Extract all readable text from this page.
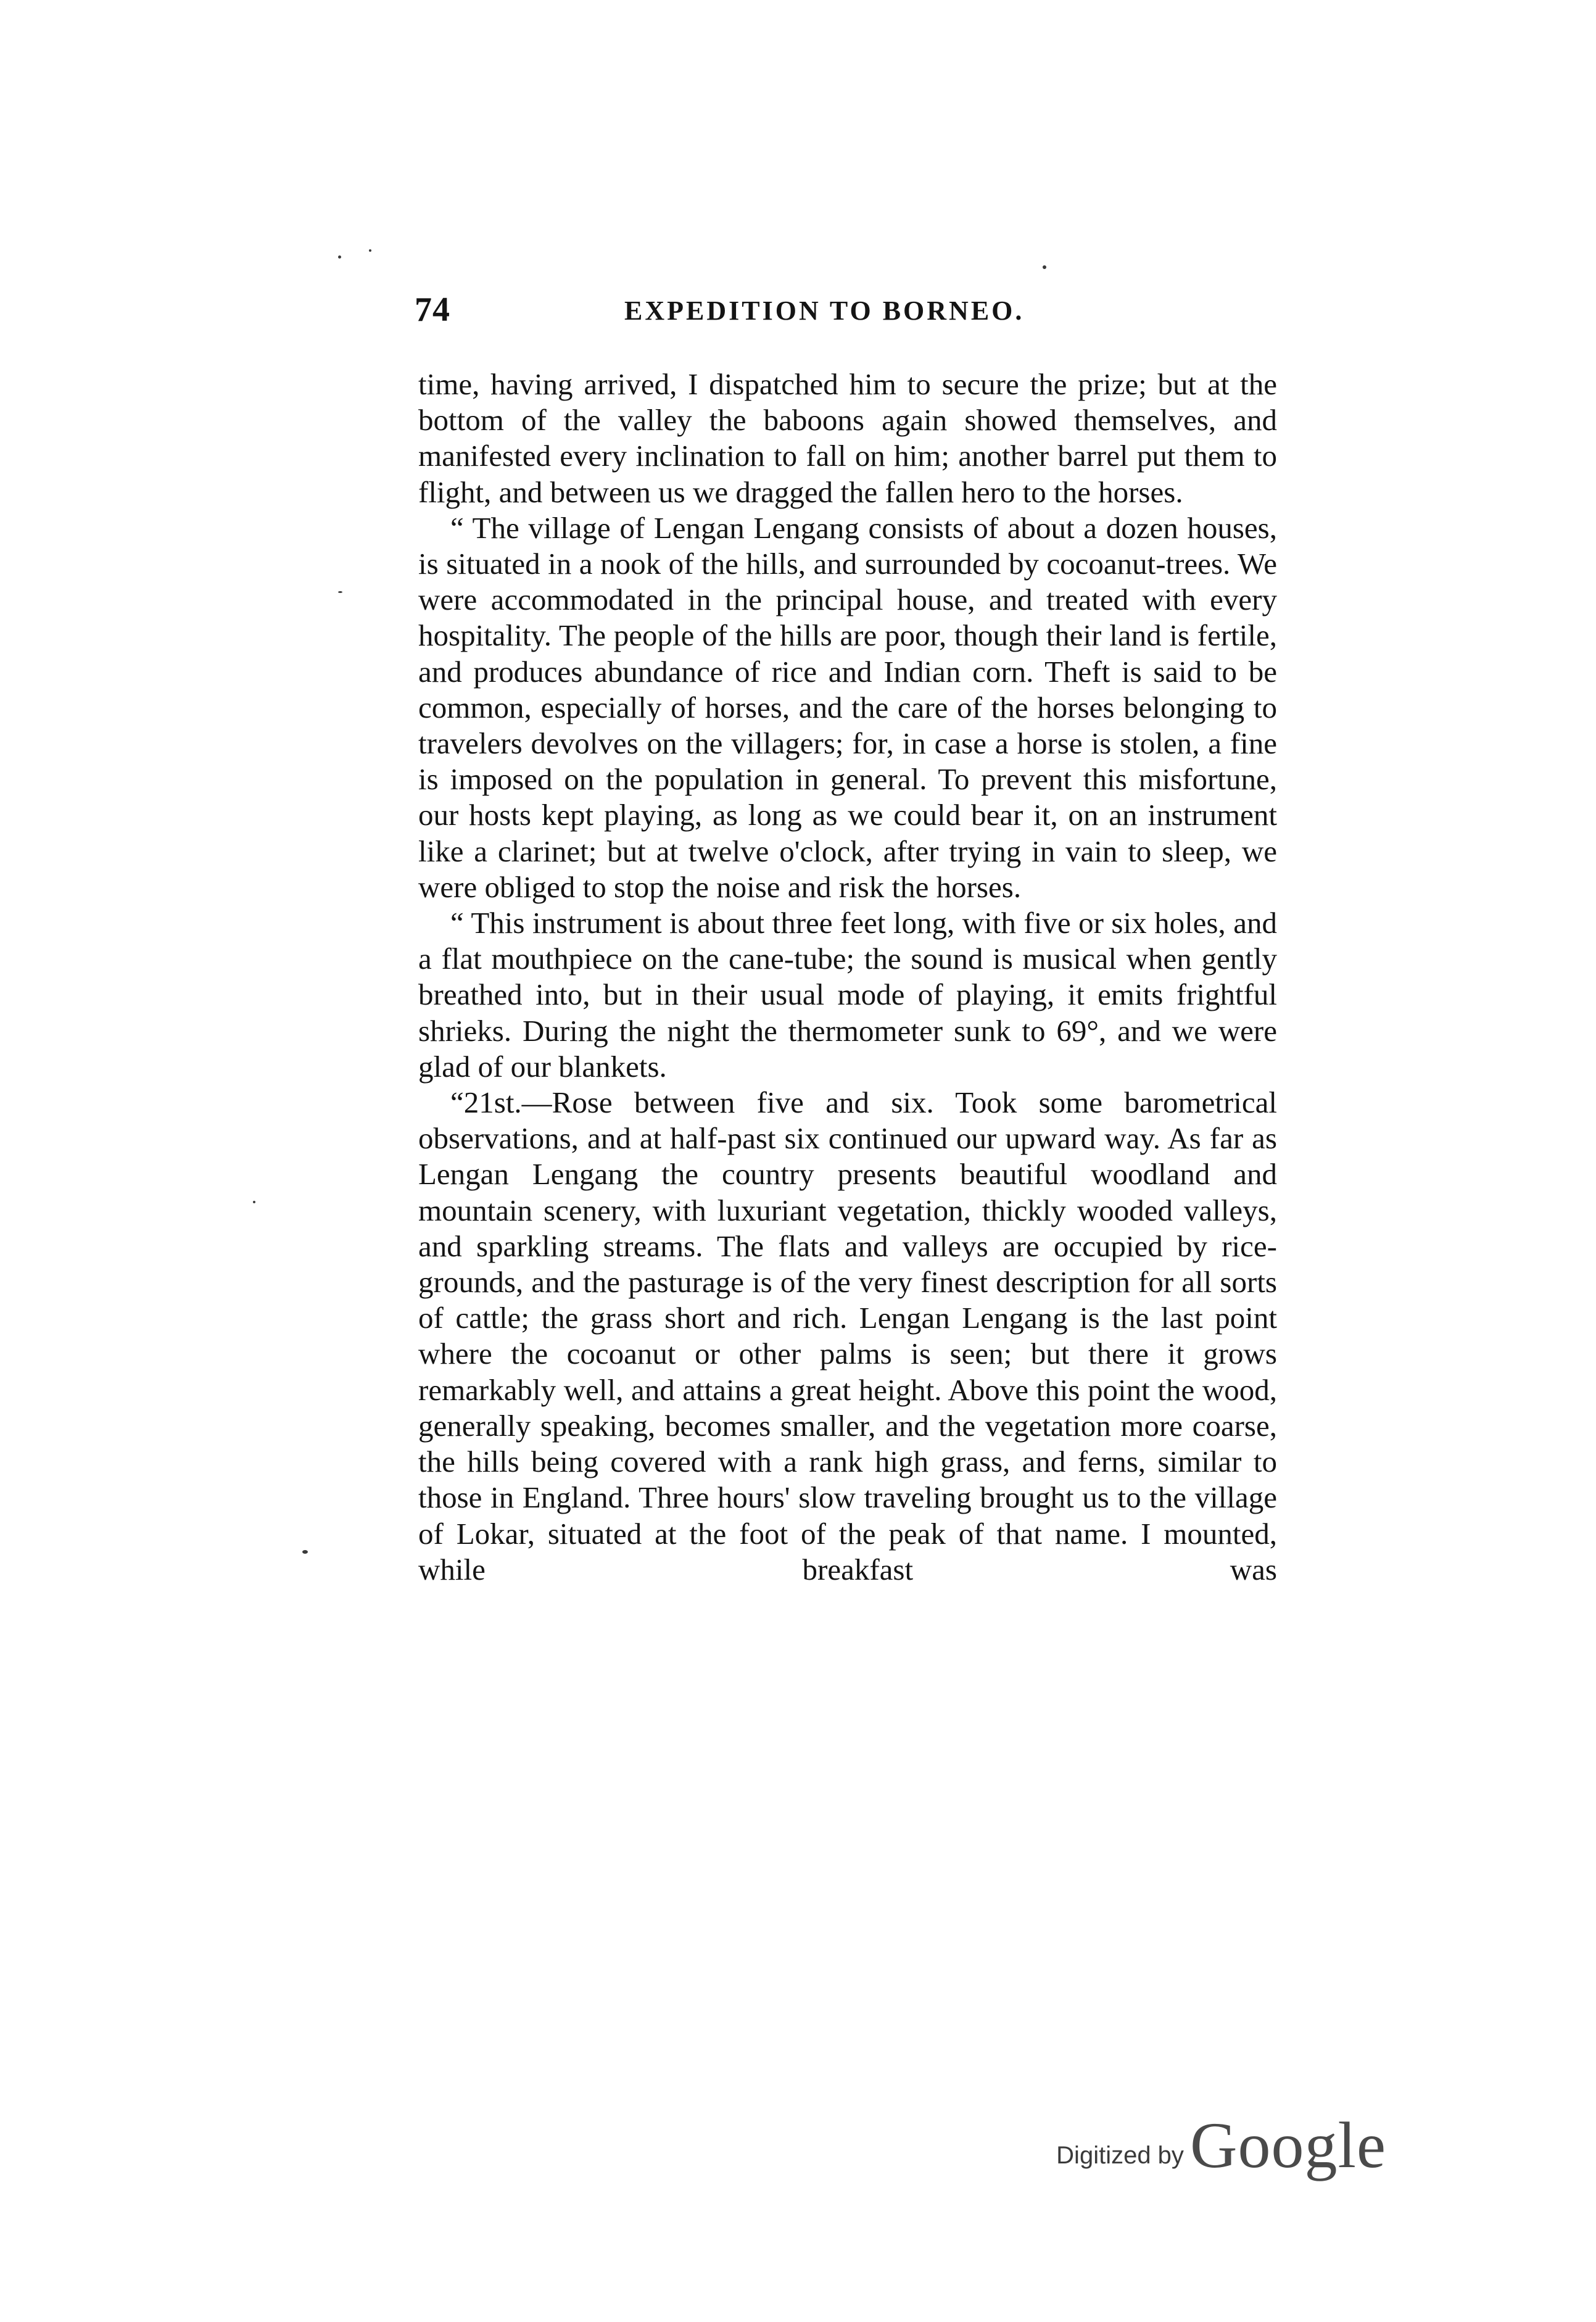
74	EXPEDITION TO BORNEO.

time, having arrived, I dispatched him to secure the prize; but at the bottom of the valley the baboons again showed themselves, and manifested every inclination to fall on him; another barrel put them to flight, and between us we dragged the fallen hero to the horses.

“ The village of Lengan Lengang consists of about a dozen houses, is situated in a nook of the hills, and surrounded by cocoanut-trees. We were accommodated in the principal house, and treated with every hospitality. The people of the hills are poor, though their land is fertile, and produces abundance of rice and Indian corn. Theft is said to be common, especially of horses, and the care of the horses belonging to travelers devolves on the villagers; for, in case a horse is stolen, a fine is imposed on the population in general. To prevent this misfortune, our hosts kept playing, as long as we could bear it, on an instrument like a clarinet; but at twelve o'clock, after trying in vain to sleep, we were obliged to stop the noise and risk the horses.

“ This instrument is about three feet long, with five or six holes, and a flat mouthpiece on the cane-tube; the sound is musical when gently breathed into, but in their usual mode of playing, it emits frightful shrieks. During the night the thermometer sunk to 69°, and we were glad of our blankets.

“21st.—Rose between five and six. Took some barometrical observations, and at half-past six continued our upward way. As far as Lengan Lengang the country presents beautiful woodland and mountain scenery, with luxuriant vegetation, thickly wooded valleys, and sparkling streams. The flats and valleys are occupied by rice-grounds, and the pasturage is of the very finest description for all sorts of cattle; the grass short and rich. Lengan Lengang is the last point where the cocoanut or other palms is seen; but there it grows remarkably well, and attains a great height. Above this point the wood, generally speaking, becomes smaller, and the vegetation more coarse, the hills being covered with a rank high grass, and ferns, similar to those in England. Three hours' slow traveling brought us to the village of Lokar, situated at the foot of the peak of that name. I mounted, while breakfast was

Digitized by Google
